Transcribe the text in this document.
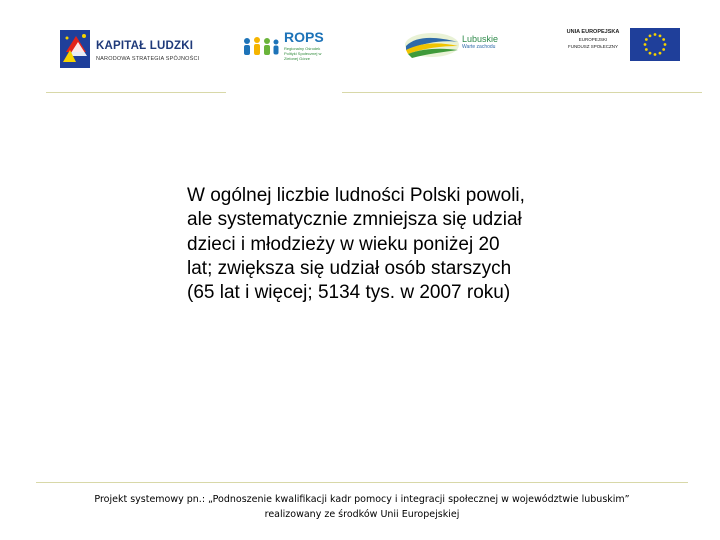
KAPITAŁ LUDZKI
NARODOWA STRATEGIA SPÓJNOŚCI
ROPS
Regionalny Ośrodek Polityki Społecznej w Zielonej Górze
Lubuskie
Warte zachodu
UNIA EUROPEJSKA
EUROPEJSKI
FUNDUSZ SPOŁECZNY

W ogólnej liczbie ludności Polski powoli, ale systematycznie zmniejsza się udział dzieci i młodzieży w wieku poniżej 20 lat; zwiększa się udział osób starszych (65 lat i więcej; 5134 tys. w 2007 roku)

Projekt systemowy pn.: „Podnoszenie kwalifikacji kadr pomocy i integracji społecznej w województwie lubuskim”
realizowany ze środków Unii Europejskiej
